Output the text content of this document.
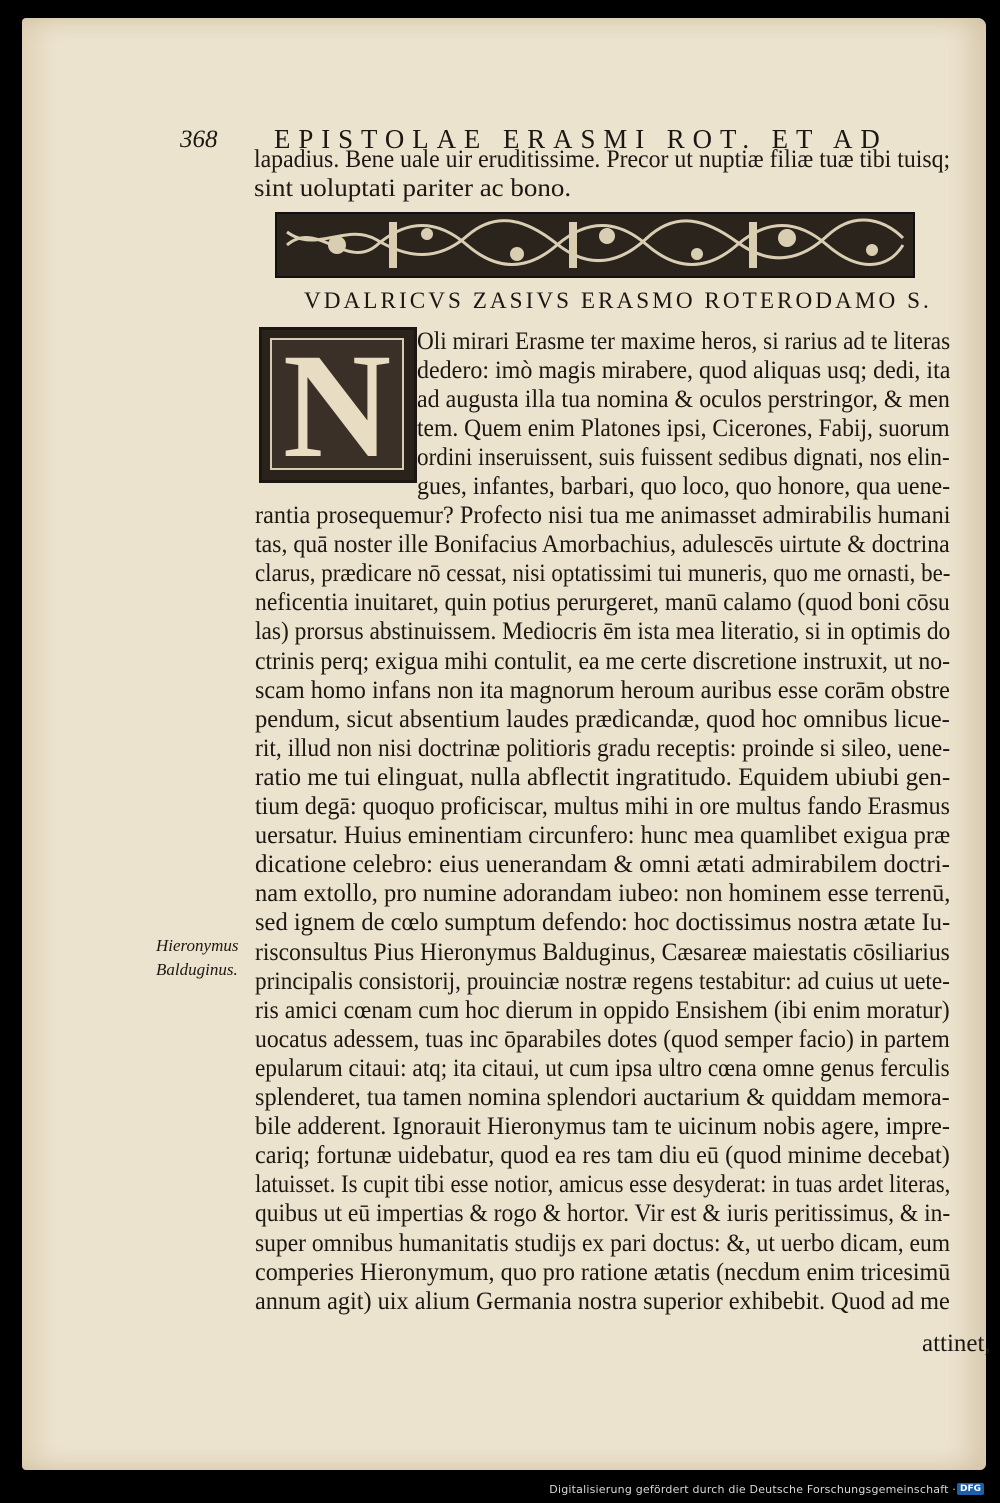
368 EPISTOLAE ERASMI ROT. ET AD
lapadius. Bene uale uir eruditissime. Precor ut nuptiæ filiæ tuæ tibi tuisq;
sint uoluptati pariter ac bono.
VDALRICVS ZASIVS ERASMO ROTERODAMO S.
N	Oli mirari Erasme ter maxime heros, si rarius ad te literas
dedero: imò magis mirabere, quod aliquas usq; dedi, ita
ad augusta illa tua nomina & oculos perstringor, & men
tem. Quem enim Platones ipsi, Cicerones, Fabij, suorum
ordini inseruissent, suis fuissent sedibus dignati, nos elin-
gues, infantes, barbari, quo loco, quo honore, qua uene-
Hieronymus
Balduginus.
attinet,
rantia prosequemur? Profecto nisi tua me animasset admirabilis humani
tas, quā noster ille Bonifacius Amorbachius, adulescēs uirtute & doctrina
clarus, prædicare nō cessat, nisi optatissimi tui muneris, quo me ornasti, be-
neficentia inuitaret, quin potius perurgeret, manū calamo (quod boni cōsu
las) prorsus abstinuissem. Mediocris ēm ista mea literatio, si in optimis do
ctrinis perq; exigua mihi contulit, ea me certe discretione instruxit, ut no-
scam homo infans non ita magnorum heroum auribus esse corām obstre
pendum, sicut absentium laudes prædicandæ, quod hoc omnibus licue-
rit, illud non nisi doctrinæ politioris gradu receptis: proinde si sileo, uene-
ratio me tui elinguat, nulla abflectit ingratitudo. Equidem ubiubi gen-
tium degā: quoquo proficiscar, multus mihi in ore multus fando Erasmus
uersatur. Huius eminentiam circunfero: hunc mea quamlibet exigua præ
dicatione celebro: eius uenerandam & omni ætati admirabilem doctri-
nam extollo, pro numine adorandam iubeo: non hominem esse terrenū,
sed ignem de cœlo sumptum defendo: hoc doctissimus nostra ætate Iu-
risconsultus Pius Hieronymus Balduginus, Cæsareæ maiestatis cōsiliarius
principalis consistorij, prouinciæ nostræ regens testabitur: ad cuius ut uete-
ris amici cœnam cum hoc dierum in oppido Ensishem (ibi enim moratur)
uocatus adessem, tuas inc ōparabiles dotes (quod semper facio) in partem
epularum citaui: atq; ita citaui, ut cum ipsa ultro cœna omne genus ferculis
splenderet, tua tamen nomina splendori auctarium & quiddam memora-
bile adderent. Ignorauit Hieronymus tam te uicinum nobis agere, impre-
cariq; fortunæ uidebatur, quod ea res tam diu eū (quod minime decebat)
latuisset. Is cupit tibi esse notior, amicus esse desyderat: in tuas ardet literas,
quibus ut eū impertias & rogo & hortor. Vir est & iuris peritissimus, & in-
super omnibus humanitatis studijs ex pari doctus: &, ut uerbo dicam, eum
comperies Hieronymum, quo pro ratione ætatis (necdum enim tricesimū
annum agit) uix alium Germania nostra superior exhibebit. Quod ad me
Digitalisierung gefördert durch die Deutsche Forschungsgemeinschaft · DFG
